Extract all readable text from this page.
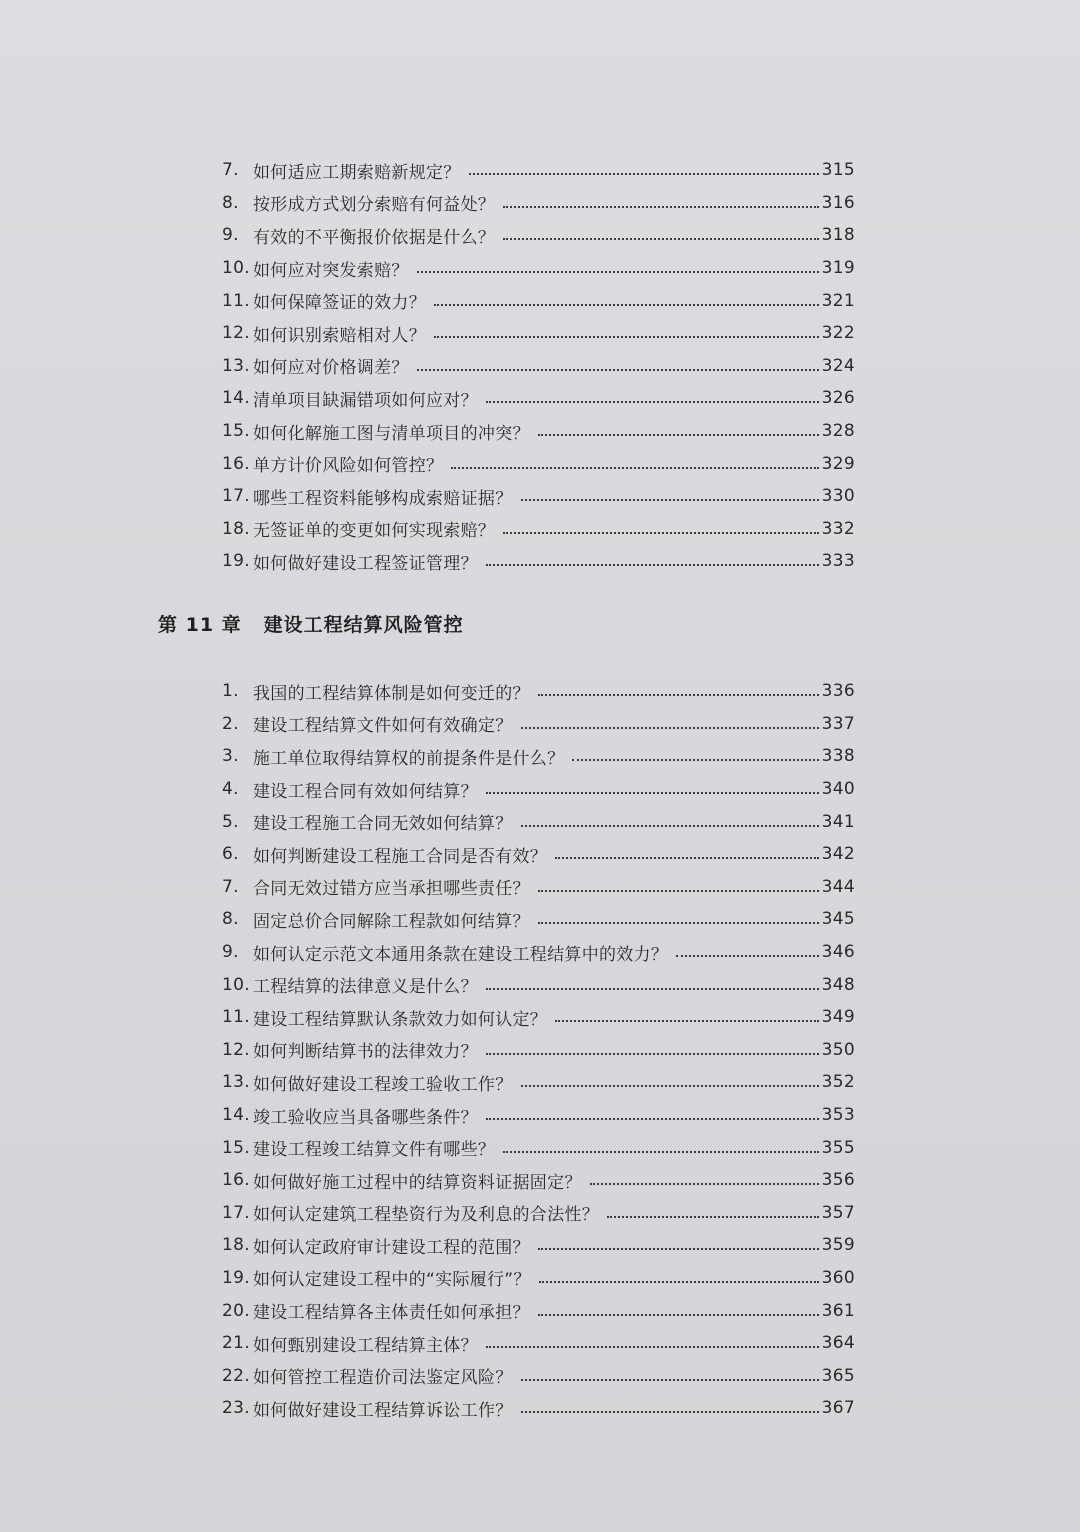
7. 如何适应工期索赔新规定？	315
8. 按形成方式划分索赔有何益处？	316
9. 有效的不平衡报价依据是什么？	318
10. 如何应对突发索赔？	319
11. 如何保障签证的效力？	321
12. 如何识别索赔相对人？	322
13. 如何应对价格调差？	324
14. 清单项目缺漏错项如何应对？	326
15. 如何化解施工图与清单项目的冲突？	328
16. 单方计价风险如何管控？	329
17. 哪些工程资料能够构成索赔证据？	330
18. 无签证单的变更如何实现索赔？	332
19. 如何做好建设工程签证管理？	333
第 11 章 建设工程结算风险管控
1. 我国的工程结算体制是如何变迁的？	336
2. 建设工程结算文件如何有效确定？	337
3. 施工单位取得结算权的前提条件是什么？	338
4. 建设工程合同有效如何结算？	340
5. 建设工程施工合同无效如何结算？	341
6. 如何判断建设工程施工合同是否有效？	342
7. 合同无效过错方应当承担哪些责任？	344
8. 固定总价合同解除工程款如何结算？	345
9. 如何认定示范文本通用条款在建设工程结算中的效力？	346
10. 工程结算的法律意义是什么？	348
11. 建设工程结算默认条款效力如何认定？	349
12. 如何判断结算书的法律效力？	350
13. 如何做好建设工程竣工验收工作？	352
14. 竣工验收应当具备哪些条件？	353
15. 建设工程竣工结算文件有哪些？	355
16. 如何做好施工过程中的结算资料证据固定？	356
17. 如何认定建筑工程垫资行为及利息的合法性？	357
18. 如何认定政府审计建设工程的范围？	359
19. 如何认定建设工程中的“实际履行”？	360
20. 建设工程结算各主体责任如何承担？	361
21. 如何甄别建设工程结算主体？	364
22. 如何管控工程造价司法鉴定风险？	365
23. 如何做好建设工程结算诉讼工作？	367
